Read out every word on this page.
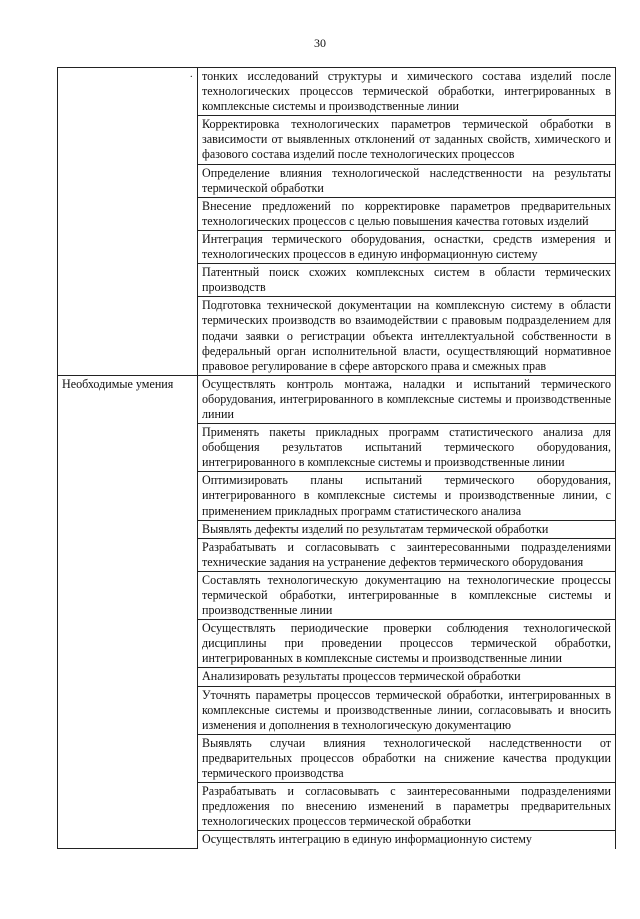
30
·	тонких исследований структуры и химического состава изделий после технологических процессов термической обработки, интегрированных в комплексные системы и производственные линии
	Корректировка технологических параметров термической обработки в зависимости от выявленных отклонений от заданных свойств, химического и фазового состава изделий после технологических процессов
	Определение влияния технологической наследственности на результаты термической обработки
	Внесение предложений по корректировке параметров предварительных технологических процессов с целью повышения качества готовых изделий
	Интеграция термического оборудования, оснастки, средств измерения и технологических процессов в единую информационную систему
	Патентный поиск схожих комплексных систем в области термических производств
	Подготовка технической документации на комплексную систему в области термических производств во взаимодействии с правовым подразделением для подачи заявки о регистрации объекта интеллектуальной собственности в федеральный орган исполнительной власти, осуществляющий нормативное правовое регулирование в сфере авторского права и смежных прав
Необходимые умения	Осуществлять контроль монтажа, наладки и испытаний термического оборудования, интегрированного в комплексные системы и производственные линии
	Применять пакеты прикладных программ статистического анализа для обобщения результатов испытаний термического оборудования, интегрированного в комплексные системы и производственные линии
	Оптимизировать планы испытаний термического оборудования, интегрированного в комплексные системы и производственные линии, с применением прикладных программ статистического анализа
	Выявлять дефекты изделий по результатам термической обработки
	Разрабатывать и согласовывать с заинтересованными подразделениями технические задания на устранение дефектов термического оборудования
	Составлять технологическую документацию на технологические процессы термической обработки, интегрированные в комплексные системы и производственные линии
	Осуществлять периодические проверки соблюдения технологической дисциплины при проведении процессов термической обработки, интегрированных в комплексные системы и производственные линии
	Анализировать результаты процессов термической обработки
	Уточнять параметры процессов термической обработки, интегрированных в комплексные системы и производственные линии, согласовывать и вносить изменения и дополнения в технологическую документацию
	Выявлять случаи влияния технологической наследственности от предварительных процессов обработки на снижение качества продукции термического производства
	Разрабатывать и согласовывать с заинтересованными подразделениями предложения по внесению изменений в параметры предварительных технологических процессов термической обработки
	Осуществлять интеграцию в единую информационную систему
